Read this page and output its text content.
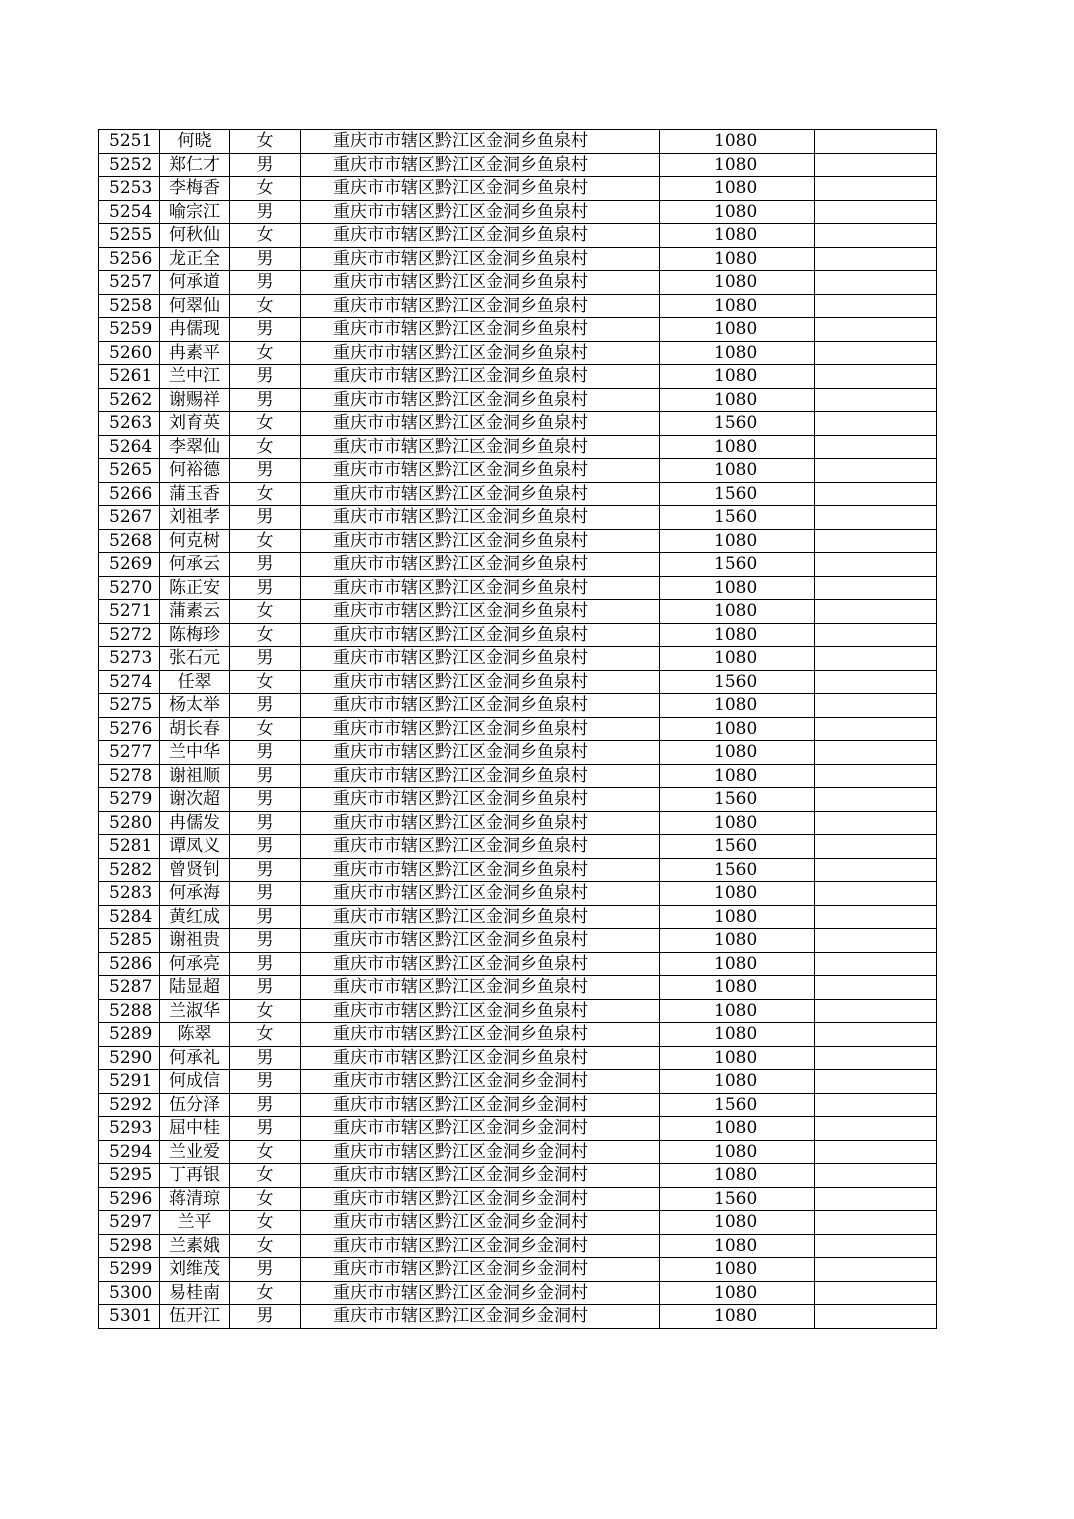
5251	何晓	女	重庆市市辖区黔江区金洞乡鱼泉村	1080	
5252	郑仁才	男	重庆市市辖区黔江区金洞乡鱼泉村	1080	
5253	李梅香	女	重庆市市辖区黔江区金洞乡鱼泉村	1080	
5254	喻宗江	男	重庆市市辖区黔江区金洞乡鱼泉村	1080	
5255	何秋仙	女	重庆市市辖区黔江区金洞乡鱼泉村	1080	
5256	龙正全	男	重庆市市辖区黔江区金洞乡鱼泉村	1080	
5257	何承道	男	重庆市市辖区黔江区金洞乡鱼泉村	1080	
5258	何翠仙	女	重庆市市辖区黔江区金洞乡鱼泉村	1080	
5259	冉儒现	男	重庆市市辖区黔江区金洞乡鱼泉村	1080	
5260	冉素平	女	重庆市市辖区黔江区金洞乡鱼泉村	1080	
5261	兰中江	男	重庆市市辖区黔江区金洞乡鱼泉村	1080	
5262	谢赐祥	男	重庆市市辖区黔江区金洞乡鱼泉村	1080	
5263	刘育英	女	重庆市市辖区黔江区金洞乡鱼泉村	1560	
5264	李翠仙	女	重庆市市辖区黔江区金洞乡鱼泉村	1080	
5265	何裕德	男	重庆市市辖区黔江区金洞乡鱼泉村	1080	
5266	蒲玉香	女	重庆市市辖区黔江区金洞乡鱼泉村	1560	
5267	刘祖孝	男	重庆市市辖区黔江区金洞乡鱼泉村	1560	
5268	何克树	女	重庆市市辖区黔江区金洞乡鱼泉村	1080	
5269	何承云	男	重庆市市辖区黔江区金洞乡鱼泉村	1560	
5270	陈正安	男	重庆市市辖区黔江区金洞乡鱼泉村	1080	
5271	蒲素云	女	重庆市市辖区黔江区金洞乡鱼泉村	1080	
5272	陈梅珍	女	重庆市市辖区黔江区金洞乡鱼泉村	1080	
5273	张石元	男	重庆市市辖区黔江区金洞乡鱼泉村	1080	
5274	任翠	女	重庆市市辖区黔江区金洞乡鱼泉村	1560	
5275	杨太举	男	重庆市市辖区黔江区金洞乡鱼泉村	1080	
5276	胡长春	女	重庆市市辖区黔江区金洞乡鱼泉村	1080	
5277	兰中华	男	重庆市市辖区黔江区金洞乡鱼泉村	1080	
5278	谢祖顺	男	重庆市市辖区黔江区金洞乡鱼泉村	1080	
5279	谢次超	男	重庆市市辖区黔江区金洞乡鱼泉村	1560	
5280	冉儒发	男	重庆市市辖区黔江区金洞乡鱼泉村	1080	
5281	谭凤义	男	重庆市市辖区黔江区金洞乡鱼泉村	1560	
5282	曾贤钊	男	重庆市市辖区黔江区金洞乡鱼泉村	1560	
5283	何承海	男	重庆市市辖区黔江区金洞乡鱼泉村	1080	
5284	黄红成	男	重庆市市辖区黔江区金洞乡鱼泉村	1080	
5285	谢祖贵	男	重庆市市辖区黔江区金洞乡鱼泉村	1080	
5286	何承亮	男	重庆市市辖区黔江区金洞乡鱼泉村	1080	
5287	陆显超	男	重庆市市辖区黔江区金洞乡鱼泉村	1080	
5288	兰淑华	女	重庆市市辖区黔江区金洞乡鱼泉村	1080	
5289	陈翠	女	重庆市市辖区黔江区金洞乡鱼泉村	1080	
5290	何承礼	男	重庆市市辖区黔江区金洞乡鱼泉村	1080	
5291	何成信	男	重庆市市辖区黔江区金洞乡金洞村	1080	
5292	伍分泽	男	重庆市市辖区黔江区金洞乡金洞村	1560	
5293	屈中桂	男	重庆市市辖区黔江区金洞乡金洞村	1080	
5294	兰业爱	女	重庆市市辖区黔江区金洞乡金洞村	1080	
5295	丁再银	女	重庆市市辖区黔江区金洞乡金洞村	1080	
5296	蒋清琼	女	重庆市市辖区黔江区金洞乡金洞村	1560	
5297	兰平	女	重庆市市辖区黔江区金洞乡金洞村	1080	
5298	兰素娥	女	重庆市市辖区黔江区金洞乡金洞村	1080	
5299	刘维茂	男	重庆市市辖区黔江区金洞乡金洞村	1080	
5300	易桂南	女	重庆市市辖区黔江区金洞乡金洞村	1080	
5301	伍开江	男	重庆市市辖区黔江区金洞乡金洞村	1080	
